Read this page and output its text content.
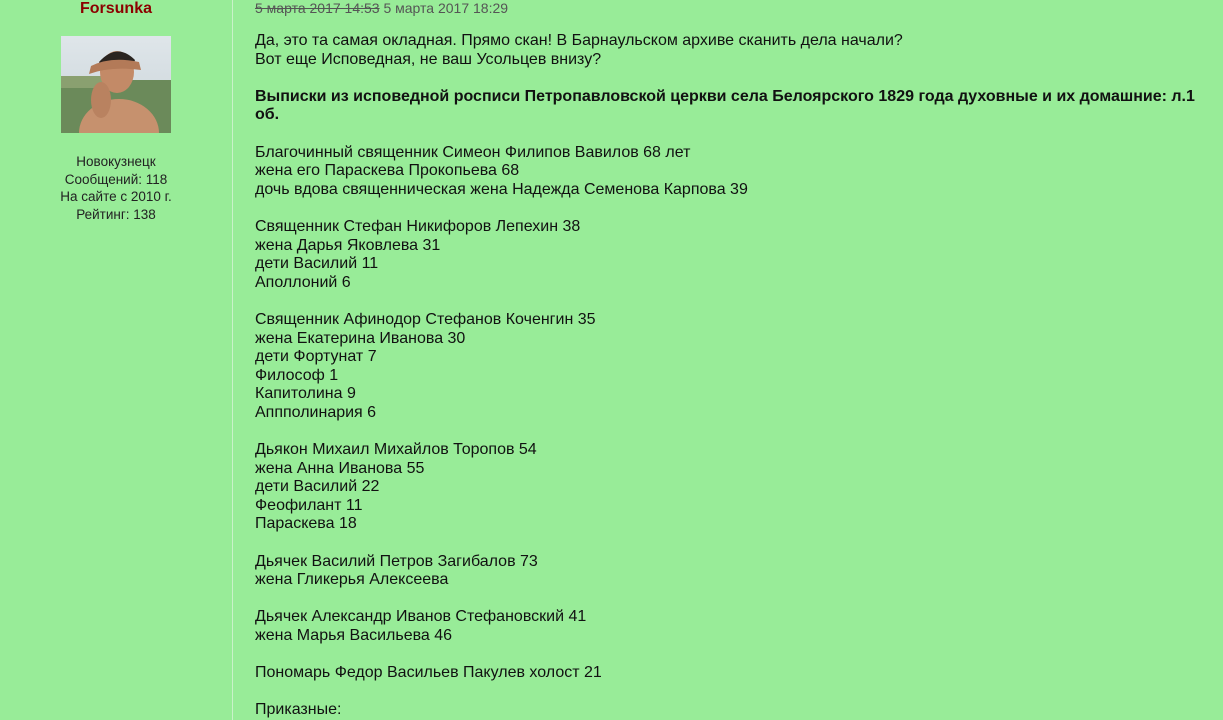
Forsunka
Новокузнецк
Сообщений: 118
На сайте с 2010 г.
Рейтинг: 138
5 марта 2017 14:53 5 марта 2017 18:29
Да, это та самая окладная. Прямо скан! В Барнаульском архиве сканить дела начали?
Вот еще Исповедная, не ваш Усольцев внизу?
Выписки из исповедной росписи Петропавловской церкви села Белоярского 1829 года духовные и их домашние: л.1 об.
Благочинный священник Симеон Филипов Вавилов 68 лет
жена его Параскева Прокопьева 68
дочь вдова священническая жена Надежда Семенова Карпова 39
Священник Стефан Никифоров Лепехин 38
жена Дарья Яковлева 31
дети Василий 11
Аполлоний 6
Священник Афинодор Стефанов Коченгин 35
жена Екатерина Иванова 30
дети Фортунат 7
Философ 1
Капитолина 9
Аппполинария 6
Дьякон Михаил Михайлов Торопов 54
жена Анна Иванова 55
дети Василий 22
Феофилант 11
Параскева 18
Дьячек Василий Петров Загибалов 73
жена Гликерья Алексеева
Дьячек Александр Иванов Стефановский 41
жена Марья Васильева 46
Пономарь Федор Васильев Пакулев холост 21
Приказные:
